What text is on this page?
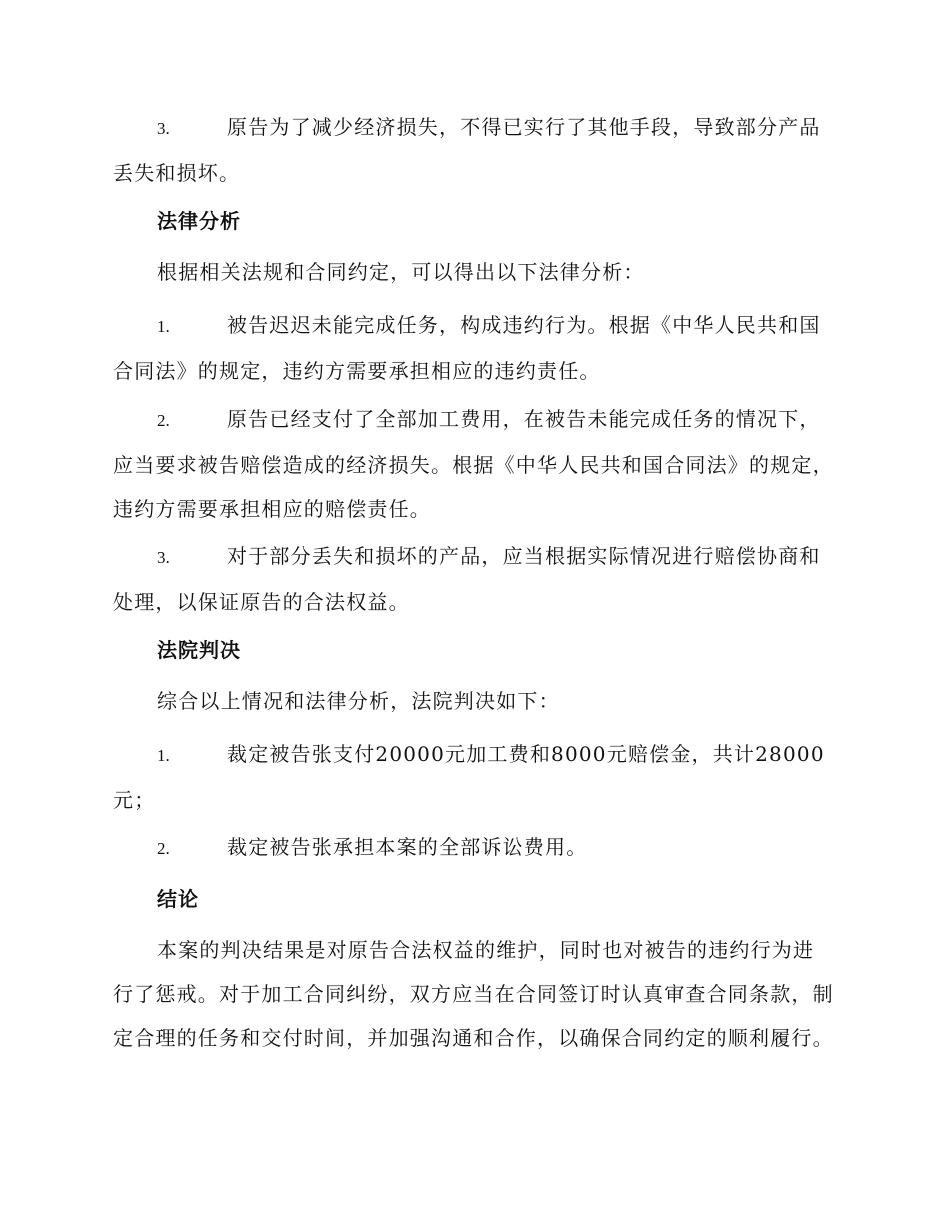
3.	原告为了减少经济损失，不得已实行了其他手段，导致部分产品丢失和损坏。
法律分析
根据相关法规和合同约定，可以得出以下法律分析：
1.	被告迟迟未能完成任务，构成违约行为。根据《中华人民共和国合同法》的规定，违约方需要承担相应的违约责任。
2.	原告已经支付了全部加工费用，在被告未能完成任务的情况下，应当要求被告赔偿造成的经济损失。根据《中华人民共和国合同法》的规定，违约方需要承担相应的赔偿责任。
3.	对于部分丢失和损坏的产品，应当根据实际情况进行赔偿协商和处理，以保证原告的合法权益。
法院判决
综合以上情况和法律分析，法院判决如下：
1.	裁定被告张支付20000元加工费和8000元赔偿金，共计28000元；
2.	裁定被告张承担本案的全部诉讼费用。
结论
本案的判决结果是对原告合法权益的维护，同时也对被告的违约行为进行了惩戒。对于加工合同纠纷，双方应当在合同签订时认真审查合同条款，制定合理的任务和交付时间，并加强沟通和合作，以确保合同约定的顺利履行。
